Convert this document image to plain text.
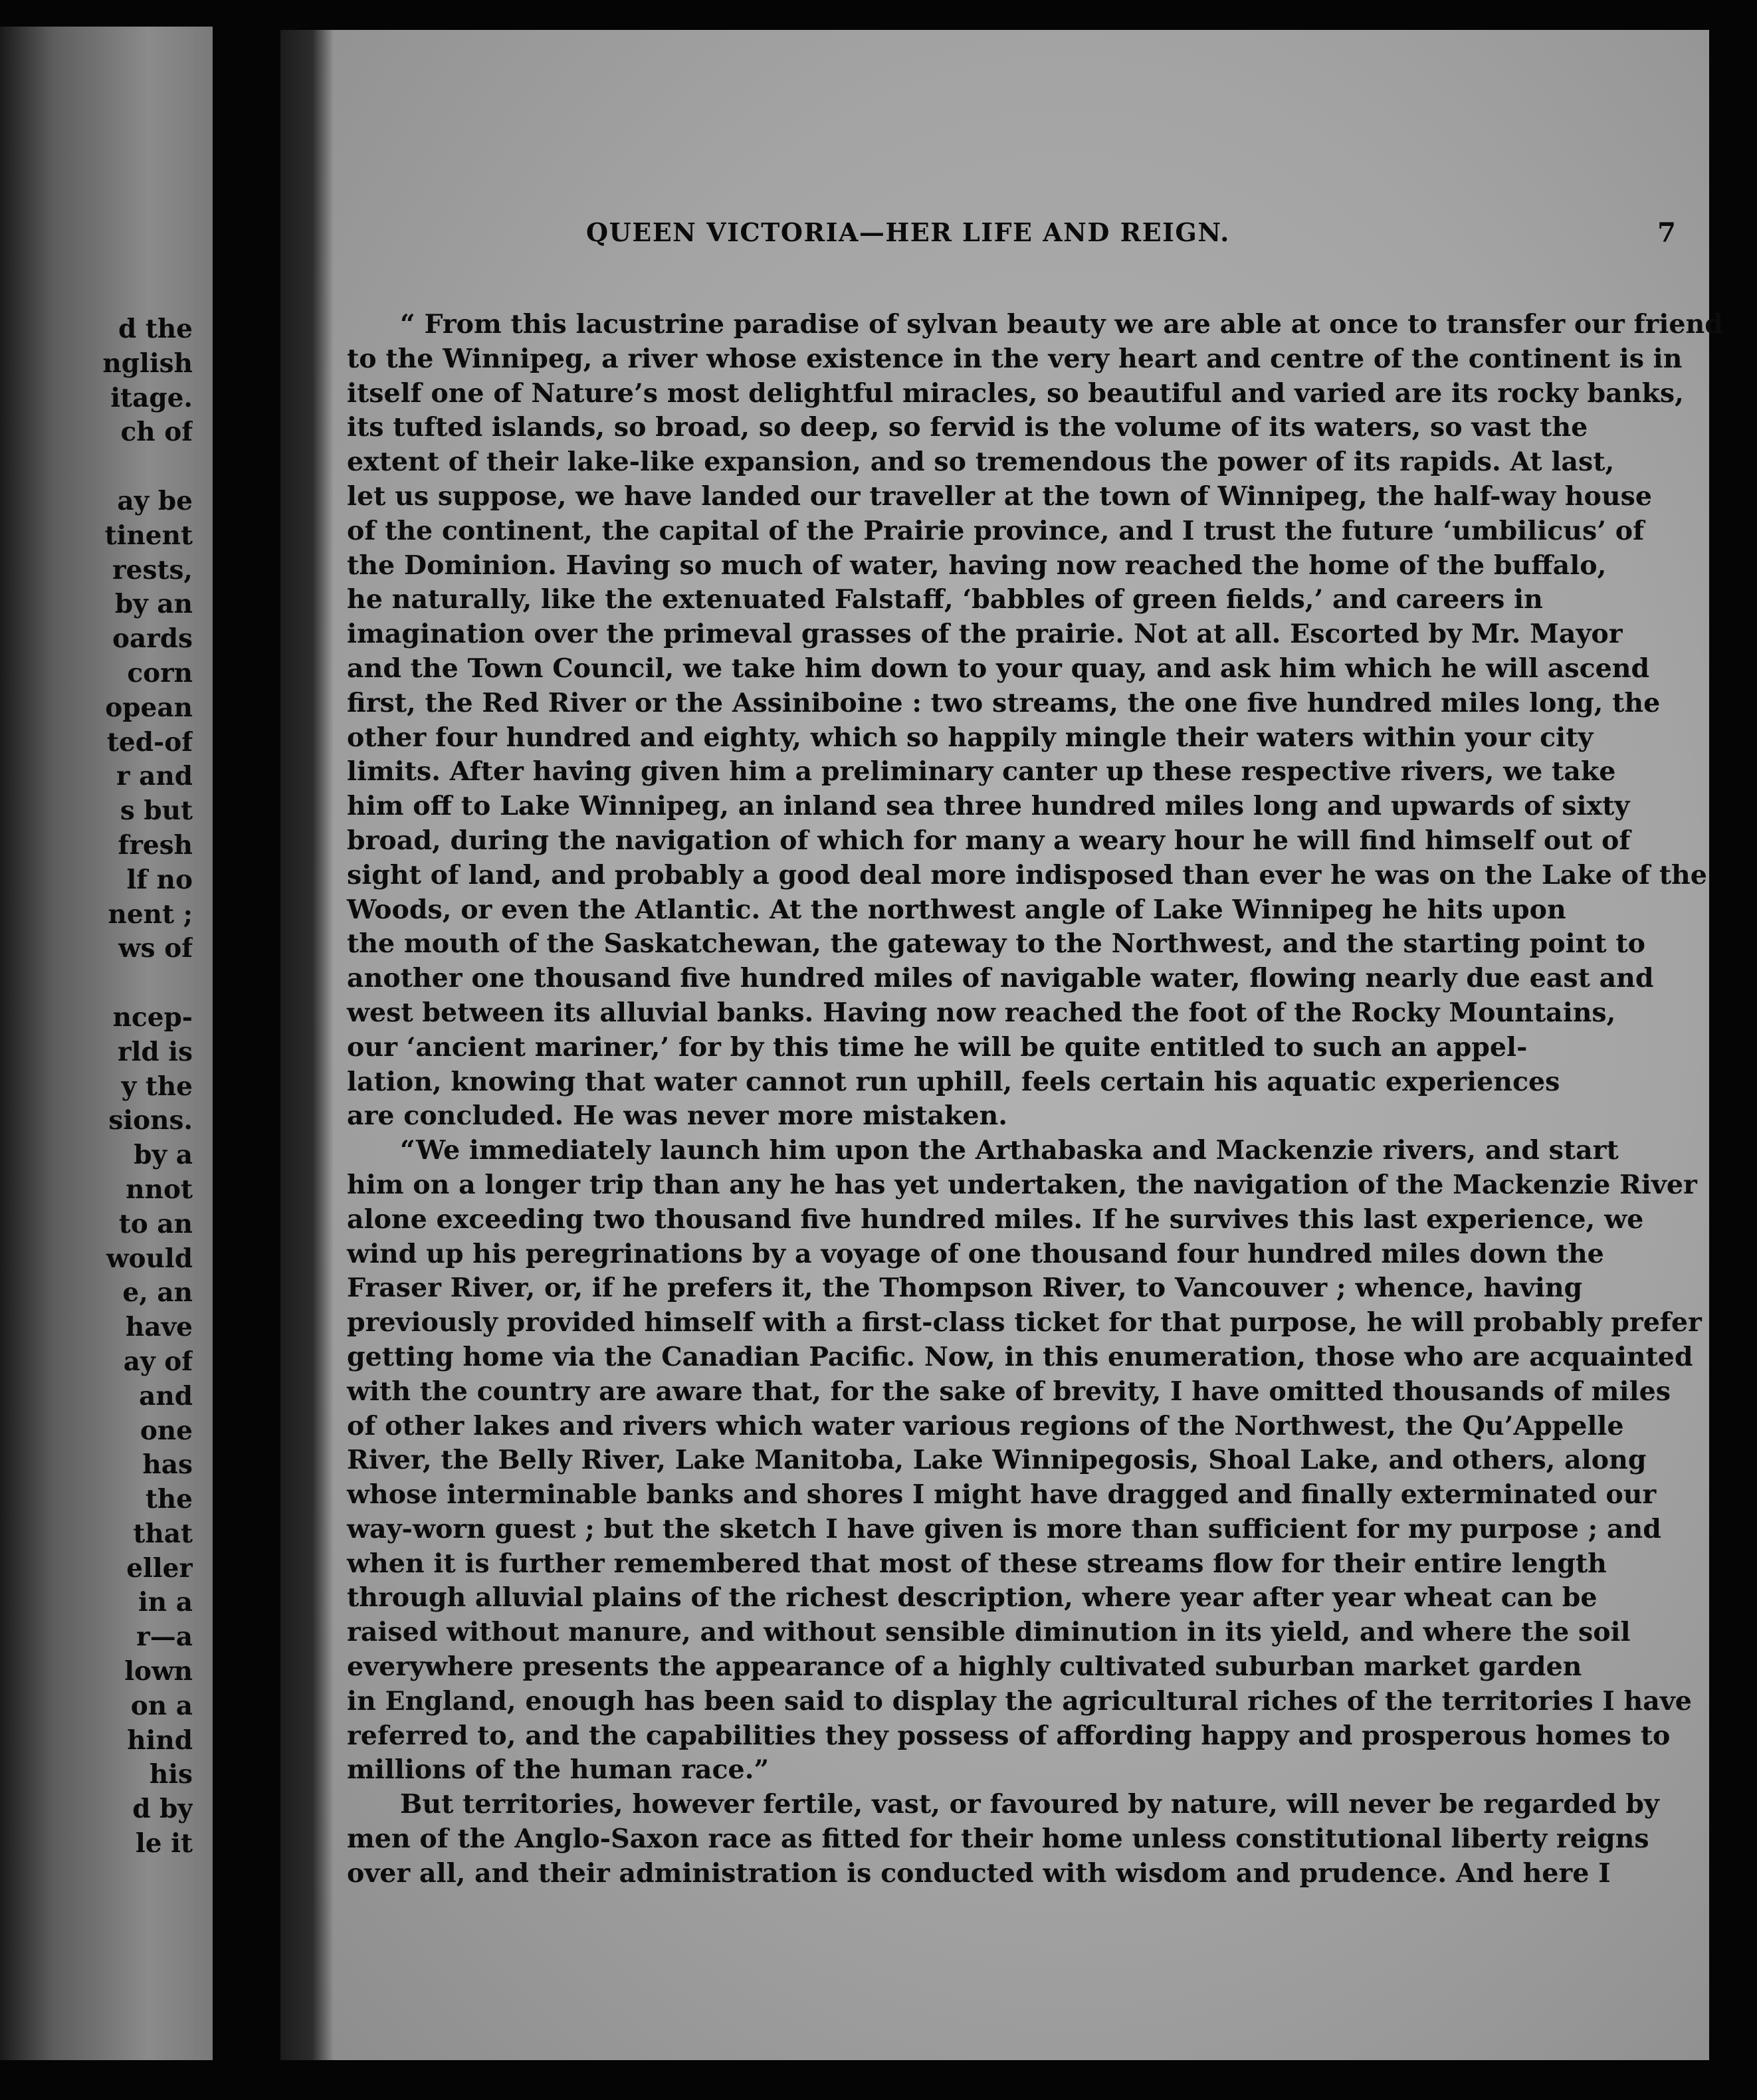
d the
nglish
itage.
ch of
ay be
tinent
rests,
by an
oards
corn
opean
ted-of
r and
s but
fresh
lf no
nent ;
ws of
ncep-
rld is
y the
sions.
by a
nnot
to an
would
e, an
have
ay of
and
one
has
the
that
eller
in a
r—a
lown
on a
hind
his
d by
le it
QUEEN VICTORIA—HER LIFE AND REIGN.	7
“ From this lacustrine paradise of sylvan beauty we are able at once to transfer our friend
to the Winnipeg, a river whose existence in the very heart and centre of the continent is in
itself one of Nature’s most delightful miracles, so beautiful and varied are its rocky banks,
its tufted islands, so broad, so deep, so fervid is the volume of its waters, so vast the
extent of their lake-like expansion, and so tremendous the power of its rapids. At last,
let us suppose, we have landed our traveller at the town of Winnipeg, the half-way house
of the continent, the capital of the Prairie province, and I trust the future ‘umbilicus’ of
the Dominion. Having so much of water, having now reached the home of the buffalo,
he naturally, like the extenuated Falstaff, ‘babbles of green fields,’ and careers in
imagination over the primeval grasses of the prairie. Not at all. Escorted by Mr. Mayor
and the Town Council, we take him down to your quay, and ask him which he will ascend
first, the Red River or the Assiniboine : two streams, the one five hundred miles long, the
other four hundred and eighty, which so happily mingle their waters within your city
limits. After having given him a preliminary canter up these respective rivers, we take
him off to Lake Winnipeg, an inland sea three hundred miles long and upwards of sixty
broad, during the navigation of which for many a weary hour he will find himself out of
sight of land, and probably a good deal more indisposed than ever he was on the Lake of the
Woods, or even the Atlantic. At the northwest angle of Lake Winnipeg he hits upon
the mouth of the Saskatchewan, the gateway to the Northwest, and the starting point to
another one thousand five hundred miles of navigable water, flowing nearly due east and
west between its alluvial banks. Having now reached the foot of the Rocky Mountains,
our ‘ancient mariner,’ for by this time he will be quite entitled to such an appel-
lation, knowing that water cannot run uphill, feels certain his aquatic experiences
are concluded. He was never more mistaken.
“We immediately launch him upon the Arthabaska and Mackenzie rivers, and start
him on a longer trip than any he has yet undertaken, the navigation of the Mackenzie River
alone exceeding two thousand five hundred miles. If he survives this last experience, we
wind up his peregrinations by a voyage of one thousand four hundred miles down the
Fraser River, or, if he prefers it, the Thompson River, to Vancouver ; whence, having
previously provided himself with a first-class ticket for that purpose, he will probably prefer
getting home via the Canadian Pacific. Now, in this enumeration, those who are acquainted
with the country are aware that, for the sake of brevity, I have omitted thousands of miles
of other lakes and rivers which water various regions of the Northwest, the Qu’Appelle
River, the Belly River, Lake Manitoba, Lake Winnipegosis, Shoal Lake, and others, along
whose interminable banks and shores I might have dragged and finally exterminated our
way-worn guest ; but the sketch I have given is more than sufficient for my purpose ; and
when it is further remembered that most of these streams flow for their entire length
through alluvial plains of the richest description, where year after year wheat can be
raised without manure, and without sensible diminution in its yield, and where the soil
everywhere presents the appearance of a highly cultivated suburban market garden
in England, enough has been said to display the agricultural riches of the territories I have
referred to, and the capabilities they possess of affording happy and prosperous homes to
millions of the human race.”
But territories, however fertile, vast, or favoured by nature, will never be regarded by
men of the Anglo-Saxon race as fitted for their home unless constitutional liberty reigns
over all, and their administration is conducted with wisdom and prudence. And here I
